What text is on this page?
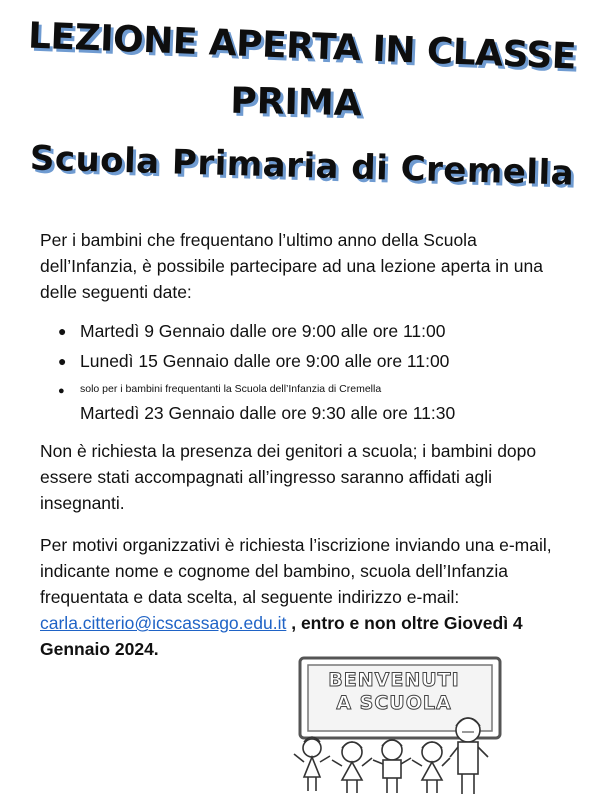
LEZIONE APERTA IN CLASSE
PRIMA
Scuola Primaria di Cremella

Per i bambini che frequentano l’ultimo anno della Scuola dell’Infanzia, è possibile partecipare ad una lezione aperta in una delle seguenti date:

● Martedì 9 Gennaio dalle ore 9:00 alle ore 11:00
● Lunedì 15 Gennaio dalle ore 9:00 alle ore 11:00
● solo per i bambini frequentanti la Scuola dell’Infanzia di Cremella
Martedì 23 Gennaio dalle ore 9:30 alle ore 11:30

Non è richiesta la presenza dei genitori a scuola; i bambini dopo essere stati accompagnati all’ingresso saranno affidati agli insegnanti.

Per motivi organizzativi è richiesta l’iscrizione inviando una e-mail, indicante nome e cognome del bambino, scuola dell’Infanzia frequentata e data scelta, al seguente indirizzo e-mail: carla.citterio@icscassago.edu.it , entro e non oltre Giovedì 4 Gennaio 2024.

BENVENUTI
A SCUOLA
